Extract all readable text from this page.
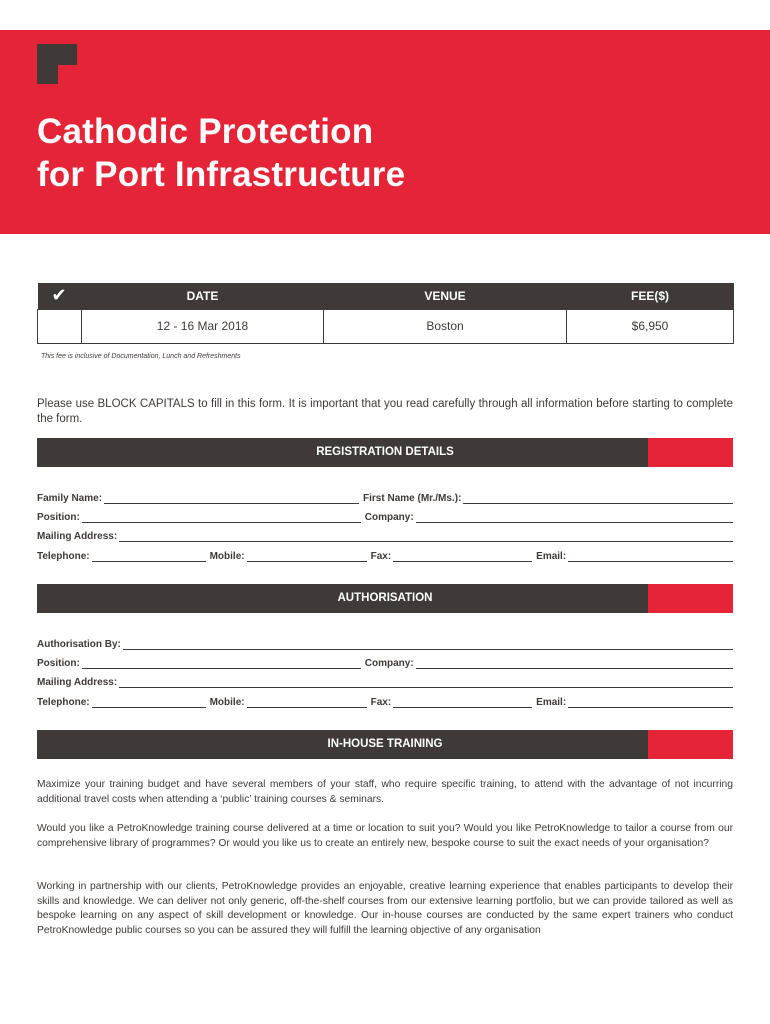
Cathodic Protection
for Port Infrastructure
✔	DATE	VENUE	FEE($)
	12 - 16 Mar 2018	Boston	$6,950
This fee is inclusive of Documentation, Lunch and Refreshments
Please use BLOCK CAPITALS to fill in this form. It is important that you read carefully through all information before starting to complete the form.
REGISTRATION DETAILS
Family Name:	First Name (Mr./Ms.):
Position:	Company:
Mailing Address:
Telephone:	Mobile:	Fax:	Email:
AUTHORISATION
Authorisation By:
Position:	Company:
Mailing Address:
Telephone:	Mobile:	Fax:	Email:
IN-HOUSE TRAINING
Maximize your training budget and have several members of your staff, who require specific training, to attend with the advantage of not incurring additional travel costs when attending a ‘public’ training courses & seminars.
Would you like a PetroKnowledge training course delivered at a time or location to suit you? Would you like PetroKnowledge to tailor a course from our comprehensive library of programmes? Or would you like us to create an entirely new, bespoke course to suit the exact needs of your organisation?
Working in partnership with our clients, PetroKnowledge provides an enjoyable, creative learning experience that enables participants to develop their skills and knowledge. We can deliver not only generic, off-the-shelf courses from our extensive learning portfolio, but we can provide tailored as well as bespoke learning on any aspect of skill development or knowledge. Our in-house courses are conducted by the same expert trainers who conduct PetroKnowledge public courses so you can be assured they will fulfill the learning objective of any organisation
